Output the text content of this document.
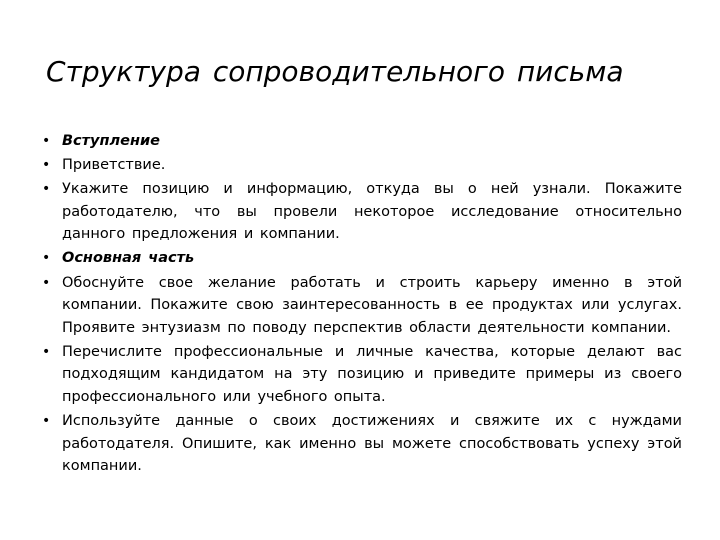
Структура сопроводительного письма
• Вступление
• Приветствие.
• Укажите позицию и информацию, откуда вы о ней узнали. Покажите работодателю, что вы провели некоторое исследование относительно данного предложения и компании.
• Основная часть
• Обоснуйте свое желание работать и строить карьеру именно в этой компании. Покажите свою заинтересованность в ее продуктах или услугах. Проявите энтузиазм по поводу перспектив области деятельности компании.
• Перечислите профессиональные и личные качества, которые делают вас подходящим кандидатом на эту позицию и приведите примеры из своего профессионального или учебного опыта.
• Используйте данные о своих достижениях и свяжите их с нуждами работодателя. Опишите, как именно вы можете способствовать успеху этой компании.
